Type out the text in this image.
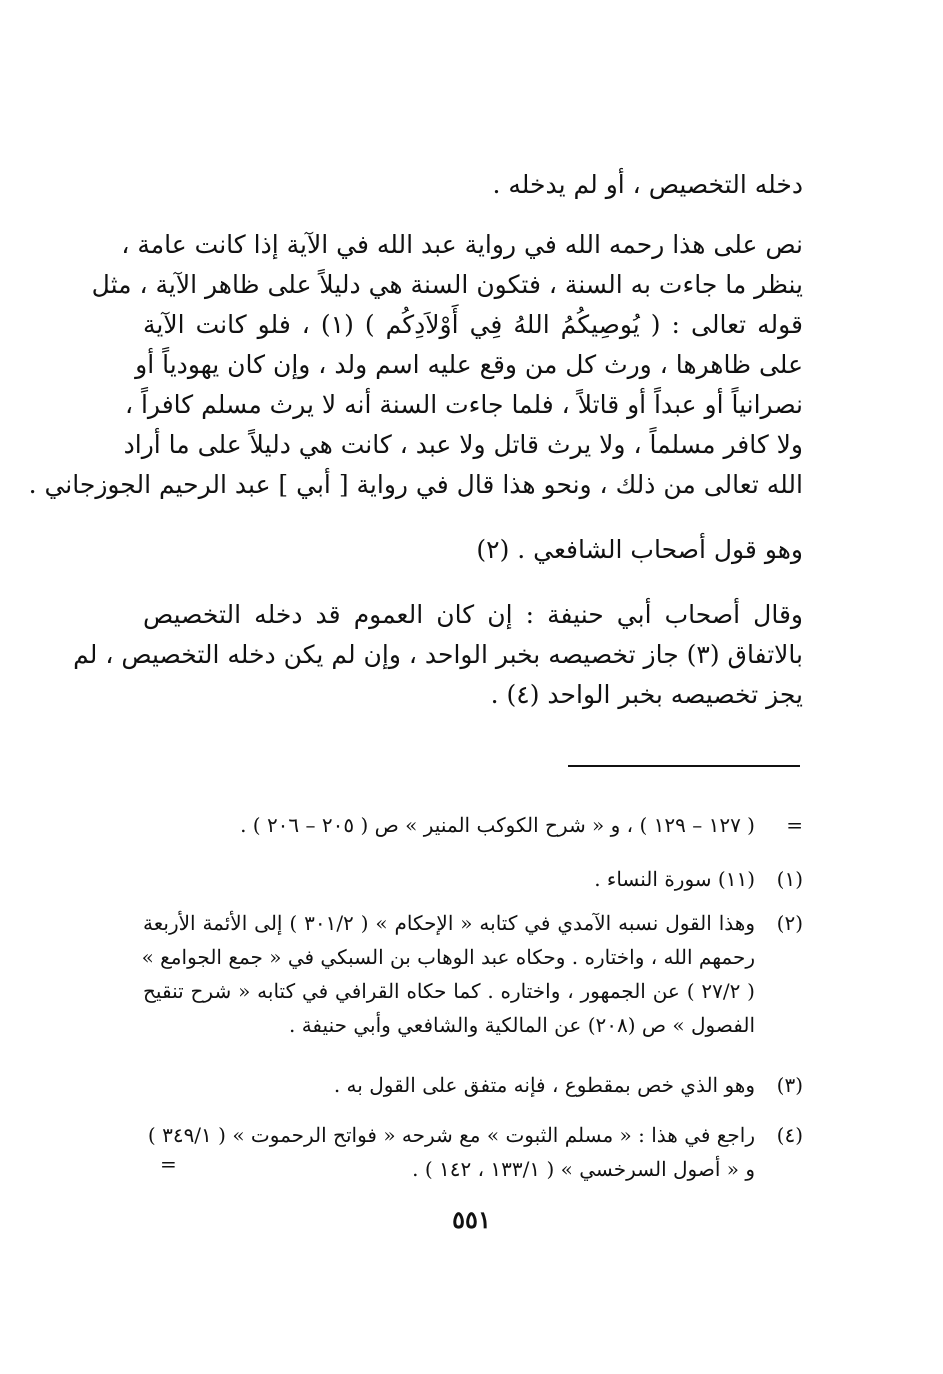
دخله التخصيص ، أو لم يدخله .
نص على هذا رحمه الله في رواية عبد الله في الآية إذا كانت عامة ،
ينظر ما جاءت به السنة ، فتكون السنة هي دليلاً على ظاهر الآية ، مثل
قوله تعالى : ( يُوصِيكُمُ اللهُ فِي أَوْلاَدِكُم ) (١) ، فلو كانت الآية
على ظاهرها ، ورث كل من وقع عليه اسم ولد ، وإن كان يهودياً أو
نصرانياً أو عبداً أو قاتلاً ، فلما جاءت السنة أنه لا يرث مسلم كافراً ،
ولا كافر مسلماً ، ولا يرث قاتل ولا عبد ، كانت هي دليلاً على ما أراد
الله تعالى من ذلك ، ونحو هذا قال في رواية [ أبي ] عبد الرحيم الجوزجاني .
وهو قول أصحاب الشافعي . (٢)
وقال أصحاب أبي حنيفة : إن كان العموم قد دخله التخصيص
بالاتفاق (٣) جاز تخصيصه بخبر الواحد ، وإن لم يكن دخله التخصيص ، لم
يجز تخصيصه بخبر الواحد (٤) .
=
( ١٢٧ – ١٢٩ ) ، و « شرح الكوكب المنير » ص ( ٢٠٥ – ٢٠٦ ) .
(١)
(١١) سورة النساء .
(٢)
وهذا القول نسبه الآمدي في كتابه « الإحكام » ( ٣٠١/٢ ) إلى الأئمة الأربعة
رحمهم الله ، واختاره . وحكاه عبد الوهاب بن السبكي في « جمع الجوامع »
( ٢٧/٢ ) عن الجمهور ، واختاره . كما حكاه القرافي في كتابه « شرح تنقيح
الفصول » ص (٢٠٨) عن المالكية والشافعي وأبي حنيفة .
(٣)
وهو الذي خص بمقطوع ، فإنه متفق على القول به .
(٤)
راجع في هذا : « مسلم الثبوت » مع شرحه « فواتح الرحموت » ( ٣٤٩/١ )
و « أصول السرخسي » ( ١٣٣/١ ، ١٤٢ ) .
=
٥٥١
